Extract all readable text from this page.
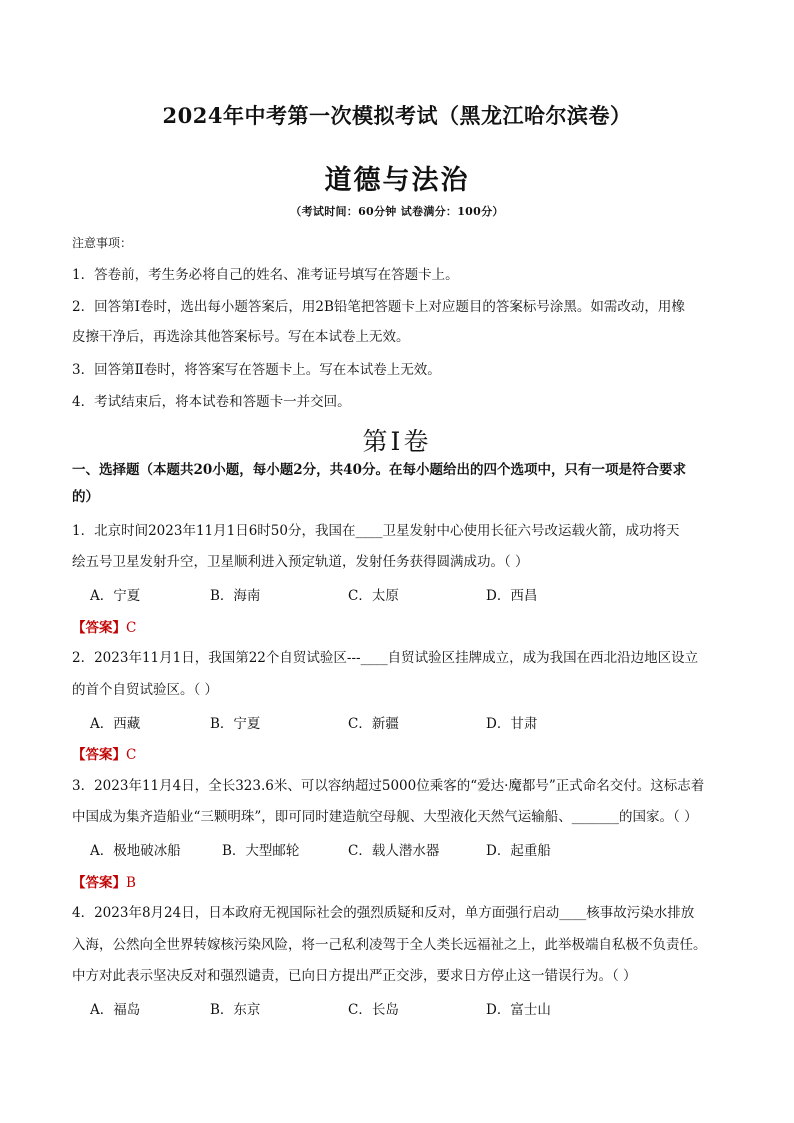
2024年中考第一次模拟考试（黑龙江哈尔滨卷）
道德与法治
（考试时间：60分钟 试卷满分：100分）
注意事项：
1．答卷前，考生务必将自己的姓名、准考证号填写在答题卡上。
2．回答第Ⅰ卷时，选出每小题答案后，用2B铅笔把答题卡上对应题目的答案标号涂黑。如需改动，用橡
皮擦干净后，再选涂其他答案标号。写在本试卷上无效。
3．回答第Ⅱ卷时，将答案写在答题卡上。写在本试卷上无效。
4．考试结束后，将本试卷和答题卡一并交回。
第Ⅰ卷
一、选择题（本题共20小题，每小题2分，共40分。在每小题给出的四个选项中，只有一项是符合要求
的）
1．北京时间2023年11月1日6时50分，我国在____卫星发射中心使用长征六号改运载火箭，成功将天
绘五号卫星发射升空，卫星顺利进入预定轨道，发射任务获得圆满成功。（ ）
A．宁夏	B．海南	C．太原	D．西昌
【答案】C
2．2023年11月1日，我国第22个自贸试验区---____自贸试验区挂牌成立，成为我国在西北沿边地区设立
的首个自贸试验区。（ ）
A．西藏	B．宁夏	C．新疆	D．甘肃
【答案】C
3．2023年11月4日，全长323.6米、可以容纳超过5000位乘客的“爱达·魔都号”正式命名交付。这标志着
中国成为集齐造船业“三颗明珠”，即可同时建造航空母舰、大型液化天然气运输船、_______的国家。（ ）
A．极地破冰船	B．大型邮轮	C．载人潜水器	D．起重船
【答案】B
4．2023年8月24日，日本政府无视国际社会的强烈质疑和反对，单方面强行启动____核事故污染水排放
入海，公然向全世界转嫁核污染风险，将一己私利凌驾于全人类长远福祉之上，此举极端自私极不负责任。
中方对此表示坚决反对和强烈谴责，已向日方提出严正交涉，要求日方停止这一错误行为。（ ）
A．福岛	B．东京	C．长岛	D．富士山
